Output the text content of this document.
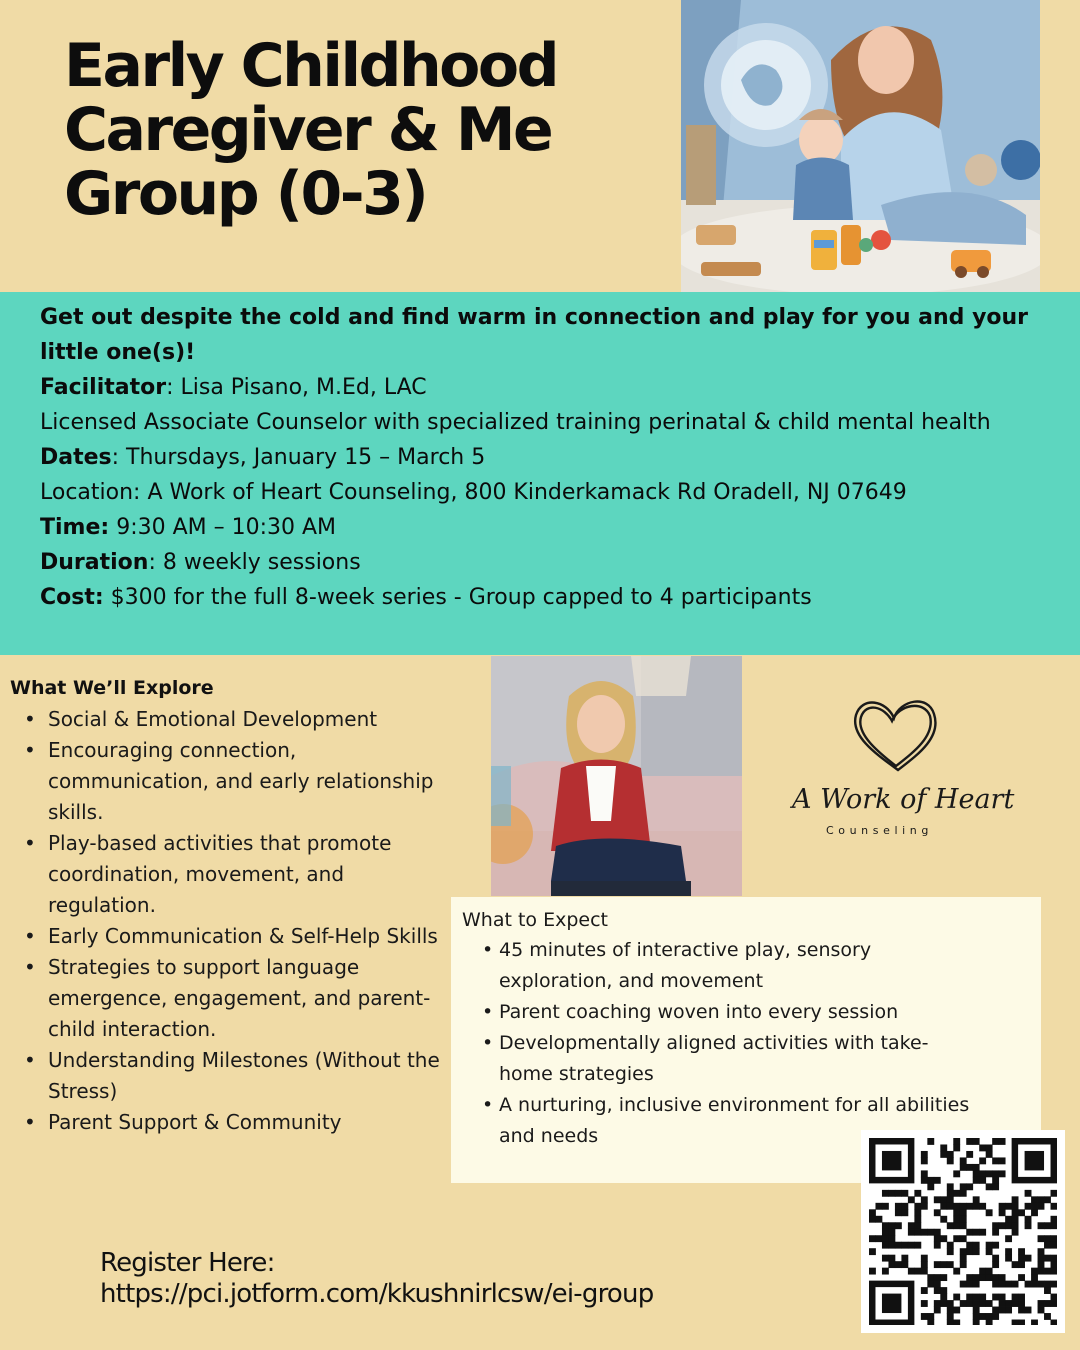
Early Childhood
Caregiver & Me
Group (0-3)

Get out despite the cold and find warm in connection and play for you and your little one(s)!

Facilitator: Lisa Pisano, M.Ed, LAC

Licensed Associate Counselor with specialized training perinatal & child mental health

Dates: Thursdays, January 15 – March 5

Location: A Work of Heart Counseling, 800 Kinderkamack Rd Oradell, NJ 07649

Time: 9:30 AM – 10:30 AM

Duration: 8 weekly sessions

Cost: $300 for the full 8-week series - Group capped to 4 participants

What We’ll Explore
• Social & Emotional Development
• Encouraging connection, communication, and early relationship skills.
• Play-based activities that promote coordination, movement, and regulation.
• Early Communication & Self-Help Skills
• Strategies to support language emergence, engagement, and parent-child interaction.
• Understanding Milestones (Without the Stress)
• Parent Support & Community
A Work of Heart
Counseling
What to Expect
• 45 minutes of interactive play, sensory exploration, and movement
• Parent coaching woven into every session
• Developmentally aligned activities with take-home strategies
• A nurturing, inclusive environment for all abilities and needs
Register Here:
https://pci.jotform.com/kkushnirlcsw/ei-group
